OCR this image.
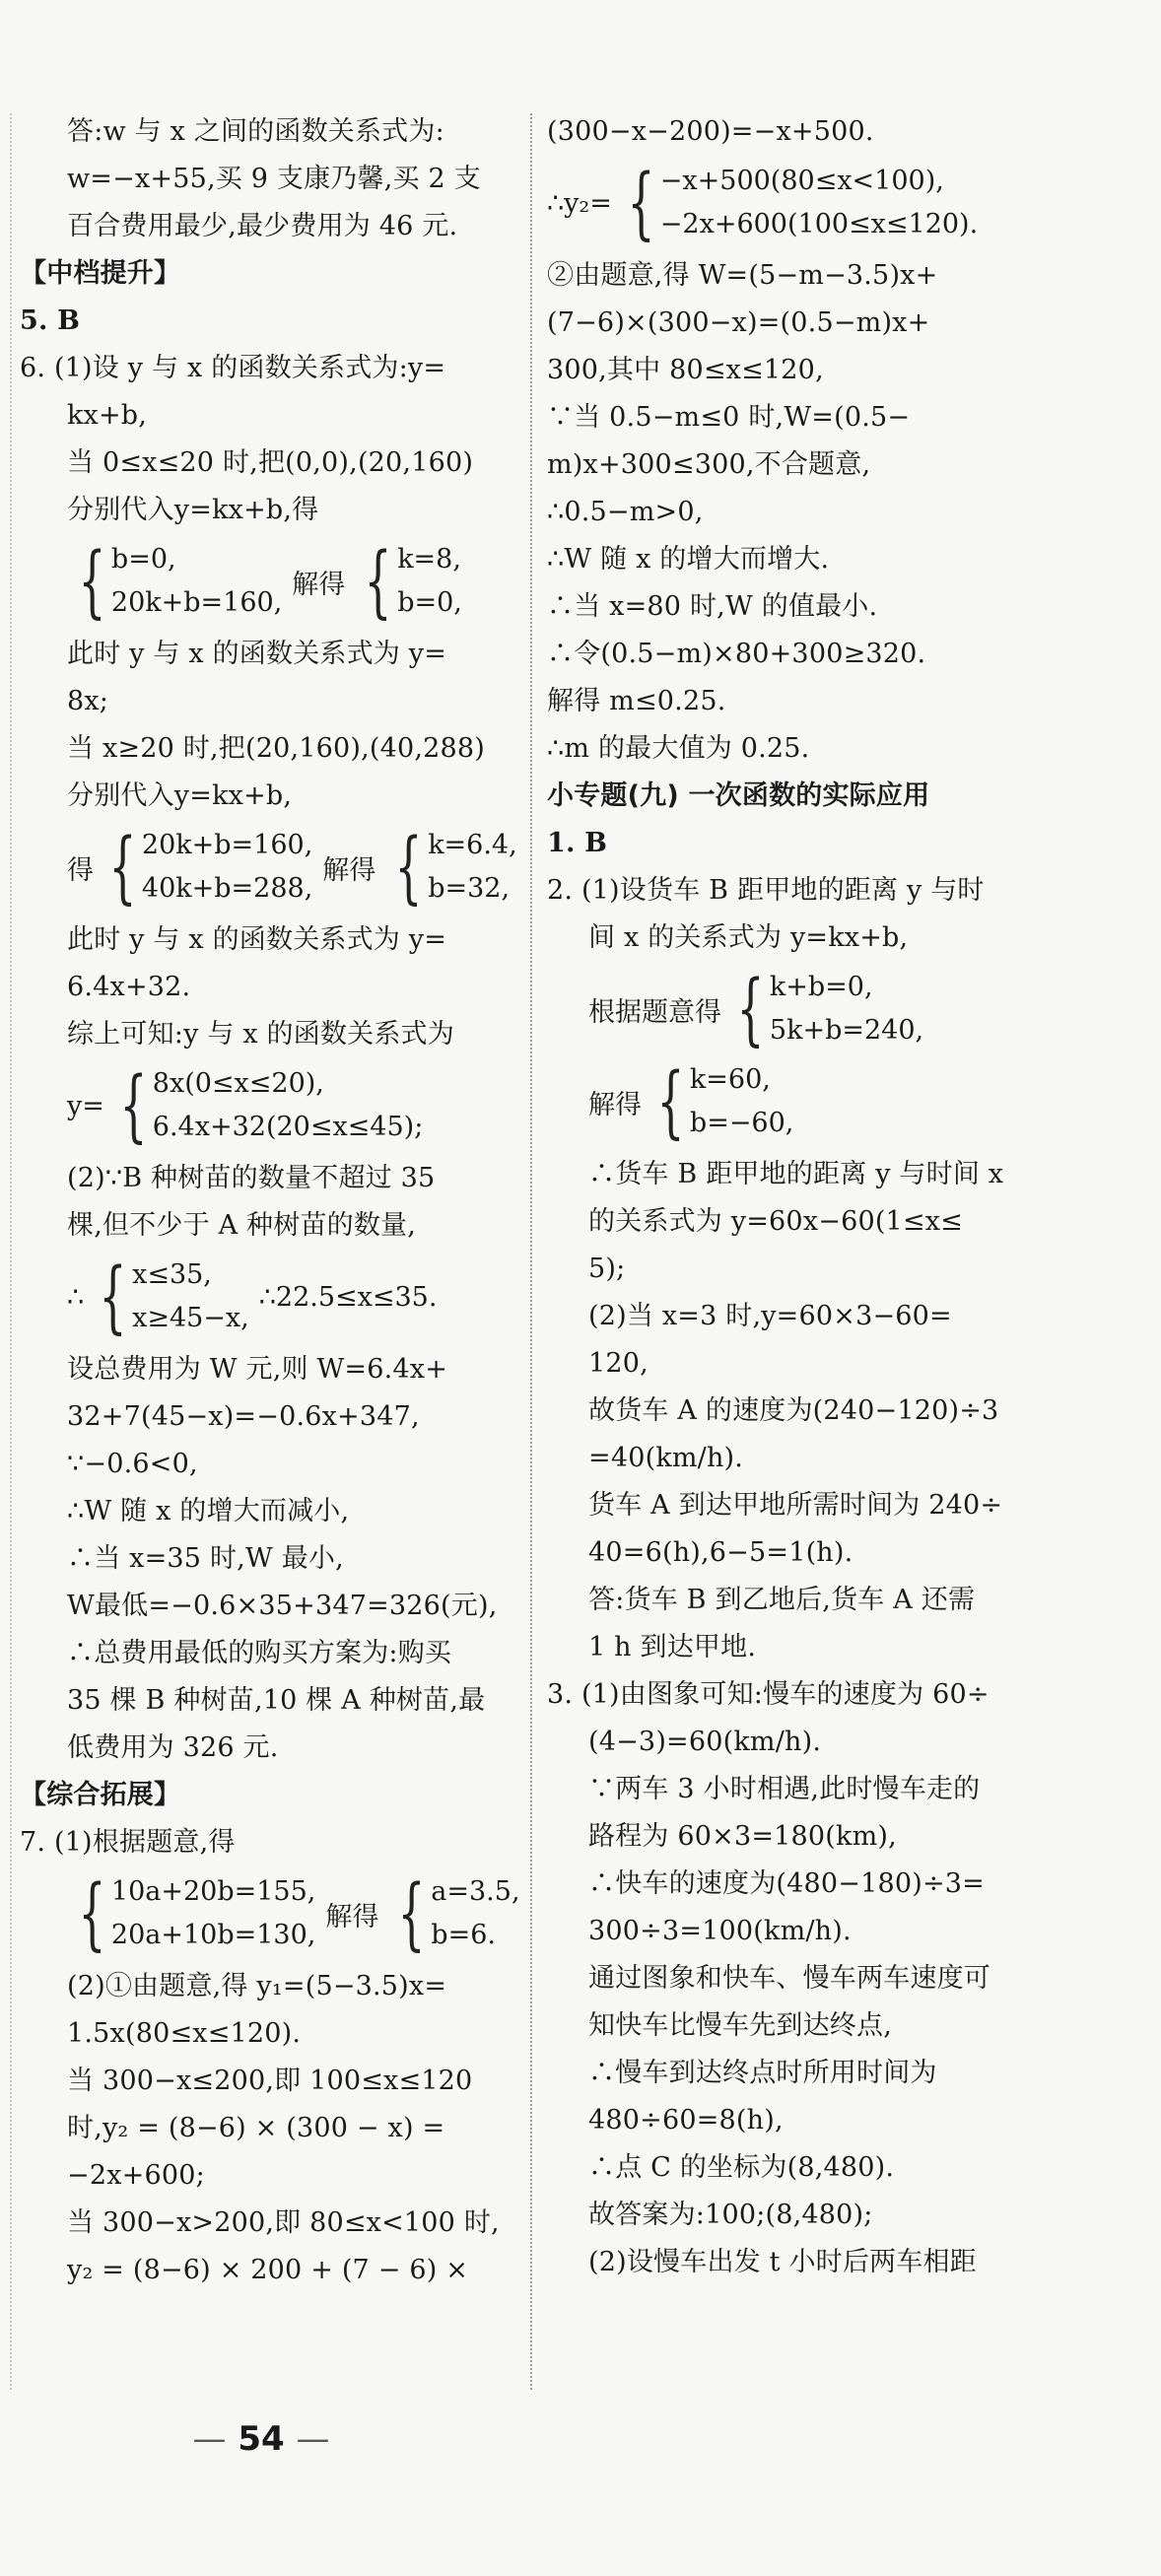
答:w 与 x 之间的函数关系式为:
w=−x+55,买 9 支康乃馨,买 2 支
百合费用最少,最少费用为 46 元.
【中档提升】
5. B
6. (1)设 y 与 x 的函数关系式为:y=
kx+b,
当 0≤x≤20 时,把(0,0),(20,160)
分别代入y=kx+b,得
{ b=0,
20k+b=160,
解得 { k=8,
b=0,
此时 y 与 x 的函数关系式为 y=
8x;
当 x≥20 时,把(20,160),(40,288)
分别代入y=kx+b,
得 { 20k+b=160,
40k+b=288,
解得 { k=6.4,
b=32,
此时 y 与 x 的函数关系式为 y=
6.4x+32.
综上可知:y 与 x 的函数关系式为
y= { 8x(0≤x≤20),
6.4x+32(20≤x≤45);
(2)∵B 种树苗的数量不超过 35
棵,但不少于 A 种树苗的数量,
∴ { x≤35,
x≥45−x,
∴22.5≤x≤35.
设总费用为 W 元,则 W=6.4x+
32+7(45−x)=−0.6x+347,
∵−0.6<0,
∴W 随 x 的增大而减小,
∴当 x=35 时,W 最小,
W最低=−0.6×35+347=326(元),
∴总费用最低的购买方案为:购买
35 棵 B 种树苗,10 棵 A 种树苗,最
低费用为 326 元.
【综合拓展】
7. (1)根据题意,得
{ 10a+20b=155,
20a+10b=130,
解得 { a=3.5,
b=6.
(2)①由题意,得 y₁=(5−3.5)x=
1.5x(80≤x≤120).
当 300−x≤200,即 100≤x≤120
时,y₂ = (8−6) × (300 − x) =
−2x+600;
当 300−x>200,即 80≤x<100 时,
y₂ = (8−6) × 200 + (7 − 6) ×
(300−x−200)=−x+500.
∴y₂= { −x+500(80≤x<100),
−2x+600(100≤x≤120).
②由题意,得 W=(5−m−3.5)x+
(7−6)×(300−x)=(0.5−m)x+
300,其中 80≤x≤120,
∵当 0.5−m≤0 时,W=(0.5−
m)x+300≤300,不合题意,
∴0.5−m>0,
∴W 随 x 的增大而增大.
∴当 x=80 时,W 的值最小.
∴令(0.5−m)×80+300≥320.
解得 m≤0.25.
∴m 的最大值为 0.25.
小专题(九) 一次函数的实际应用
1. B
2. (1)设货车 B 距甲地的距离 y 与时
间 x 的关系式为 y=kx+b,
根据题意得 { k+b=0,
5k+b=240,
解得 { k=60,
b=−60,
∴货车 B 距甲地的距离 y 与时间 x
的关系式为 y=60x−60(1≤x≤
5);
(2)当 x=3 时,y=60×3−60=
120,
故货车 A 的速度为(240−120)÷3
=40(km/h).
货车 A 到达甲地所需时间为 240÷
40=6(h),6−5=1(h).
答:货车 B 到乙地后,货车 A 还需
1 h 到达甲地.
3. (1)由图象可知:慢车的速度为 60÷
(4−3)=60(km/h).
∵两车 3 小时相遇,此时慢车走的
路程为 60×3=180(km),
∴快车的速度为(480−180)÷3=
300÷3=100(km/h).
通过图象和快车、慢车两车速度可
知快车比慢车先到达终点,
∴慢车到达终点时所用时间为
480÷60=8(h),
∴点 C 的坐标为(8,480).
故答案为:100;(8,480);
(2)设慢车出发 t 小时后两车相距
— 54 —
